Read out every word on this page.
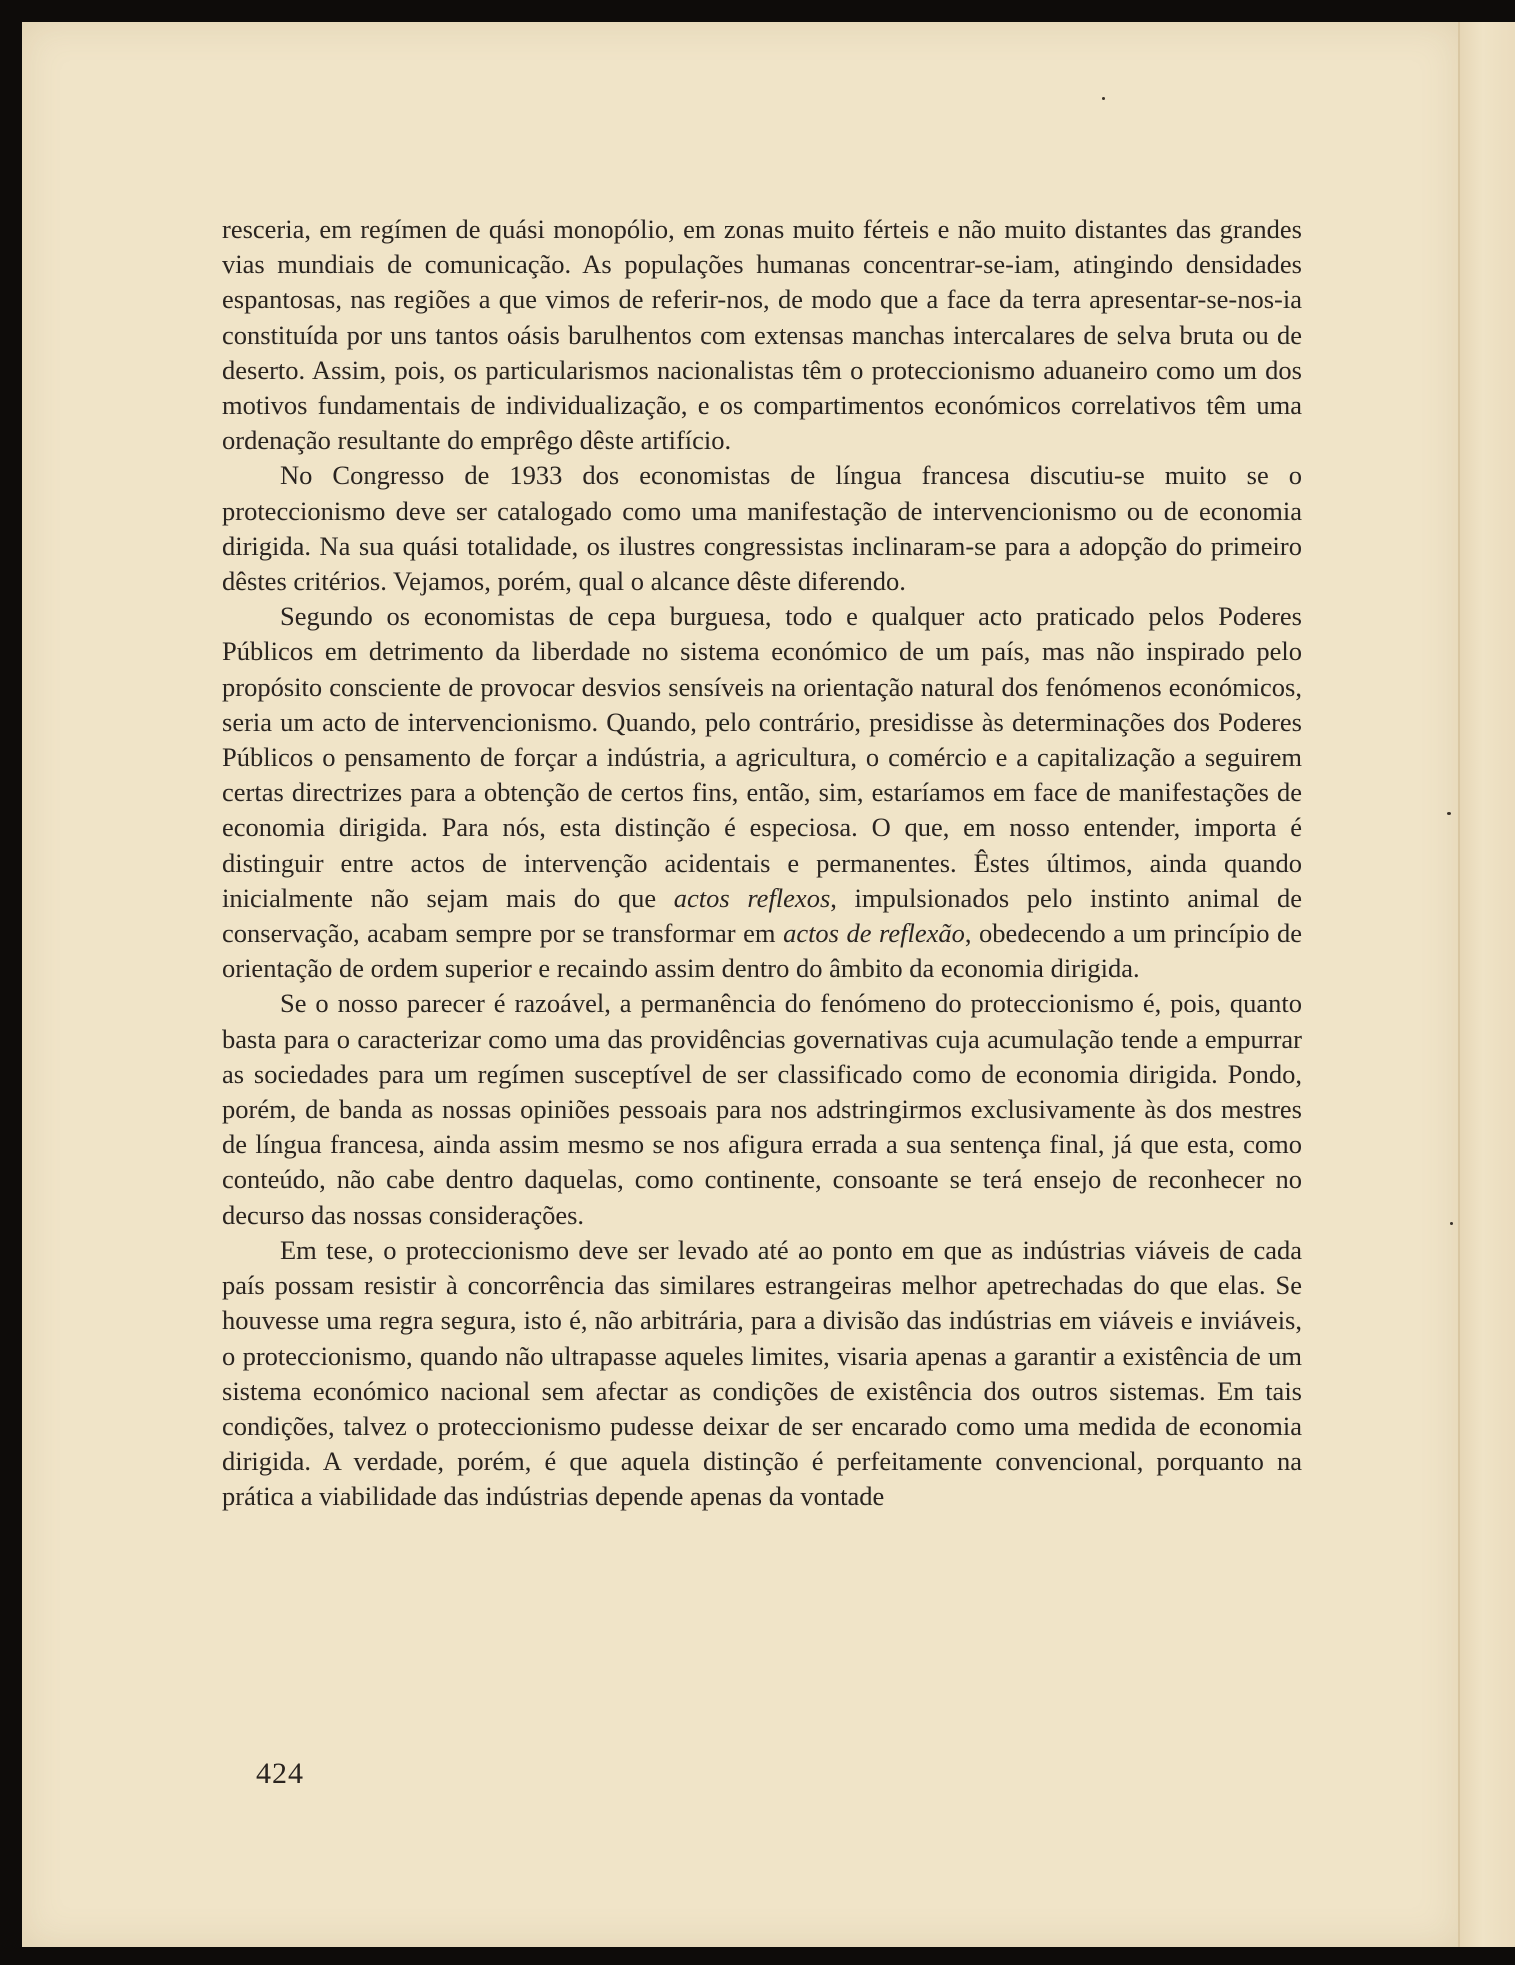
resceria, em regímen de quási monopólio, em zonas muito férteis e não muito distantes das grandes vias mundiais de comunicação. As populações humanas concentrar-se-iam, atingindo densidades espantosas, nas regiões a que vimos de referir-nos, de modo que a face da terra apresentar-se-nos-ia constituída por uns tantos oásis barulhentos com extensas manchas intercalares de selva bruta ou de deserto. Assim, pois, os particularismos nacionalistas têm o proteccionismo aduaneiro como um dos motivos fundamentais de individualização, e os compartimentos económicos correlativos têm uma ordenação resultante do emprêgo dêste artifício.

No Congresso de 1933 dos economistas de língua francesa discutiu-se muito se o proteccionismo deve ser catalogado como uma manifestação de intervencionismo ou de economia dirigida. Na sua quási totalidade, os ilustres congressistas inclinaram-se para a adopção do primeiro dêstes critérios. Vejamos, porém, qual o alcance dêste diferendo.

Segundo os economistas de cepa burguesa, todo e qualquer acto praticado pelos Poderes Públicos em detrimento da liberdade no sistema económico de um país, mas não inspirado pelo propósito consciente de provocar desvios sensíveis na orientação natural dos fenómenos económicos, seria um acto de intervencionismo. Quando, pelo contrário, presidisse às determinações dos Poderes Públicos o pensamento de forçar a indústria, a agricultura, o comércio e a capitalização a seguirem certas directrizes para a obtenção de certos fins, então, sim, estaríamos em face de manifestações de economia dirigida. Para nós, esta distinção é especiosa. O que, em nosso entender, importa é distinguir entre actos de intervenção acidentais e permanentes. Êstes últimos, ainda quando inicialmente não sejam mais do que actos reflexos, impulsionados pelo instinto animal de conservação, acabam sempre por se transformar em actos de reflexão, obedecendo a um princípio de orientação de ordem superior e recaindo assim dentro do âmbito da economia dirigida.

Se o nosso parecer é razoável, a permanência do fenómeno do proteccionismo é, pois, quanto basta para o caracterizar como uma das providências governativas cuja acumulação tende a empurrar as sociedades para um regímen susceptível de ser classificado como de economia dirigida. Pondo, porém, de banda as nossas opiniões pessoais para nos adstringirmos exclusivamente às dos mestres de língua francesa, ainda assim mesmo se nos afigura errada a sua sentença final, já que esta, como conteúdo, não cabe dentro daquelas, como continente, consoante se terá ensejo de reconhecer no decurso das nossas considerações.

Em tese, o proteccionismo deve ser levado até ao ponto em que as indústrias viáveis de cada país possam resistir à concorrência das similares estrangeiras melhor apetrechadas do que elas. Se houvesse uma regra segura, isto é, não arbitrária, para a divisão das indústrias em viáveis e inviáveis, o proteccionismo, quando não ultrapasse aqueles limites, visaria apenas a garantir a existência de um sistema económico nacional sem afectar as condições de existência dos outros sistemas. Em tais condições, talvez o proteccionismo pudesse deixar de ser encarado como uma medida de economia dirigida. A verdade, porém, é que aquela distinção é perfeitamente convencional, porquanto na prática a viabilidade das indústrias depende apenas da vontade

424
